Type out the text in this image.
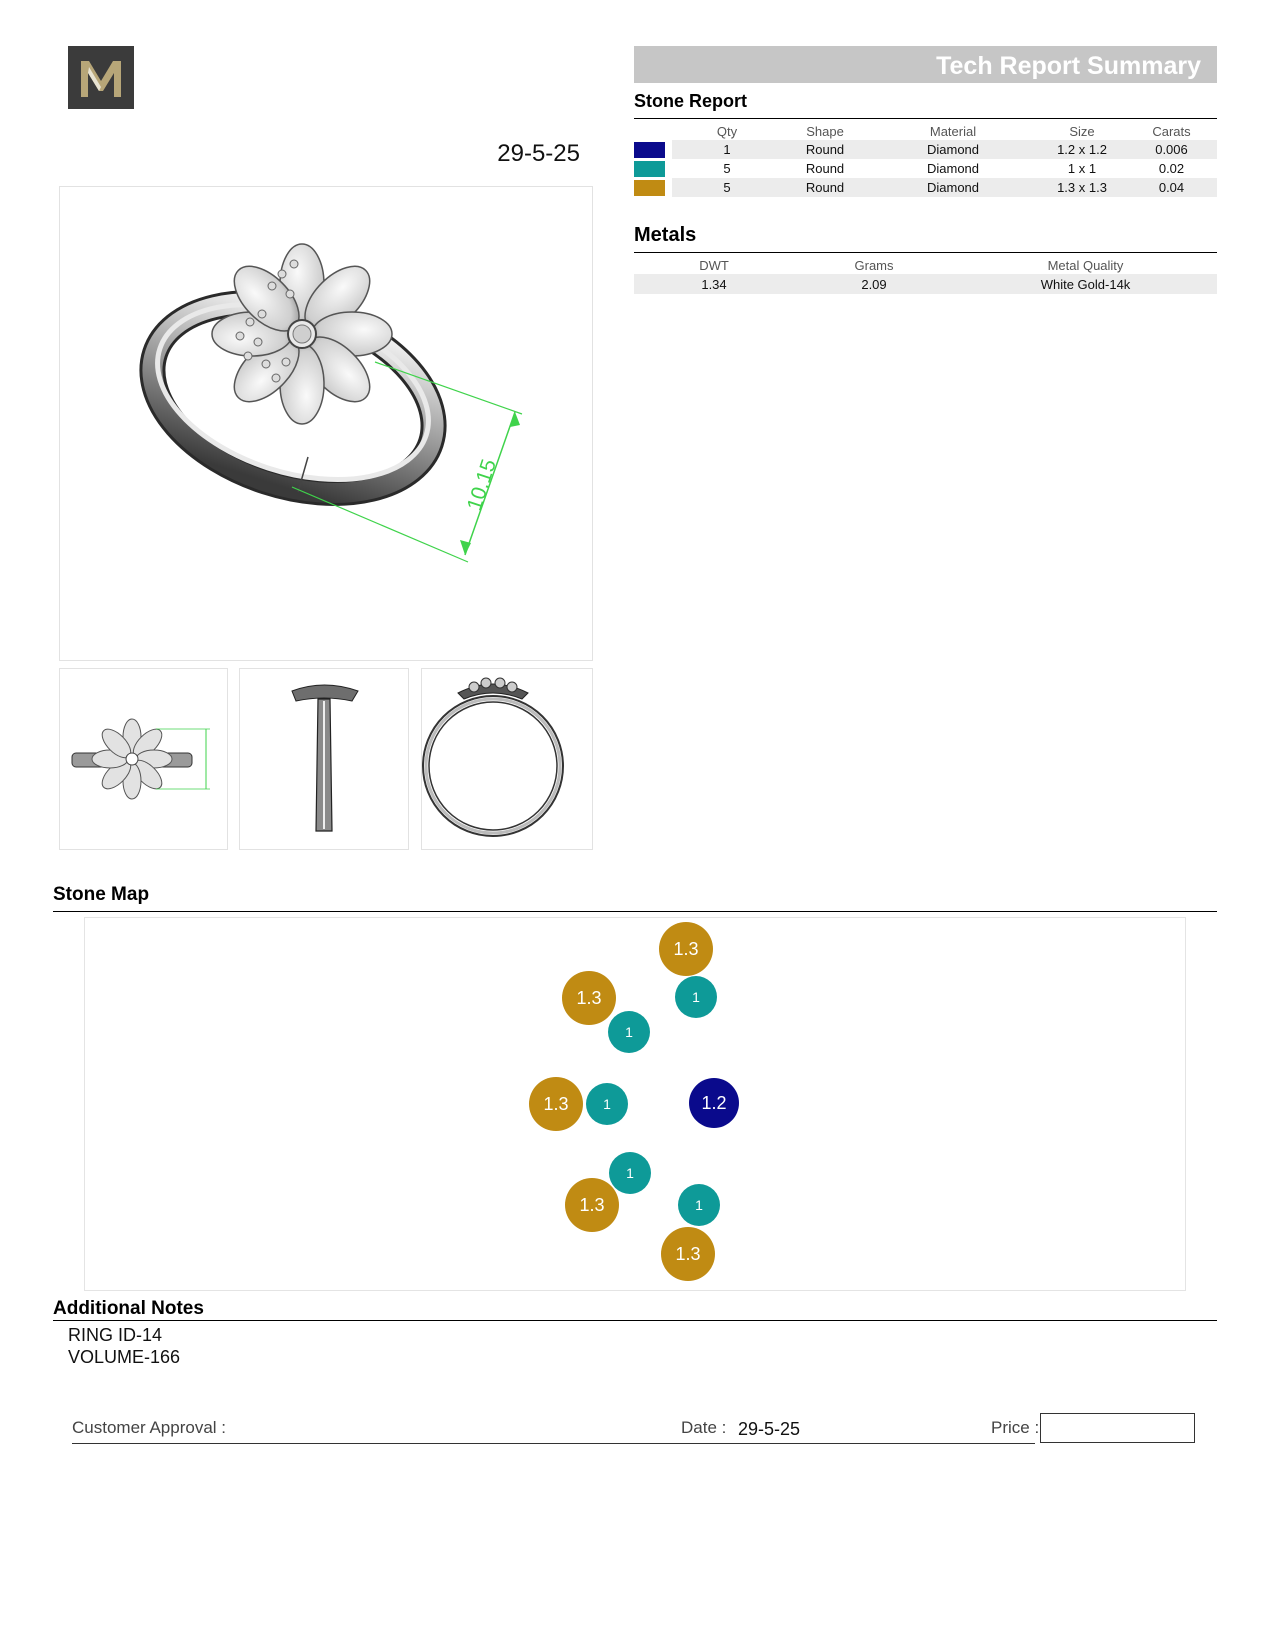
29-5-25
Tech Report Summary
Stone Report
	Qty	Shape	Material	Size	Carats

	1	Round	Diamond	1.2 x 1.2	0.006

	5	Round	Diamond	1 x 1	0.02

	5	Round	Diamond	1.3 x 1.3	0.04
Metals
DWT	Grams	Metal Quality
1.34	2.09	White Gold-14k
10.15
Stone Map
1.3
1
1.3
1
1.3	1	1.2
1
1.3	1
1.3
Additional Notes
RING ID-14
VOLUME-166
Customer Approval :	Date : 29-5-25	Price :
